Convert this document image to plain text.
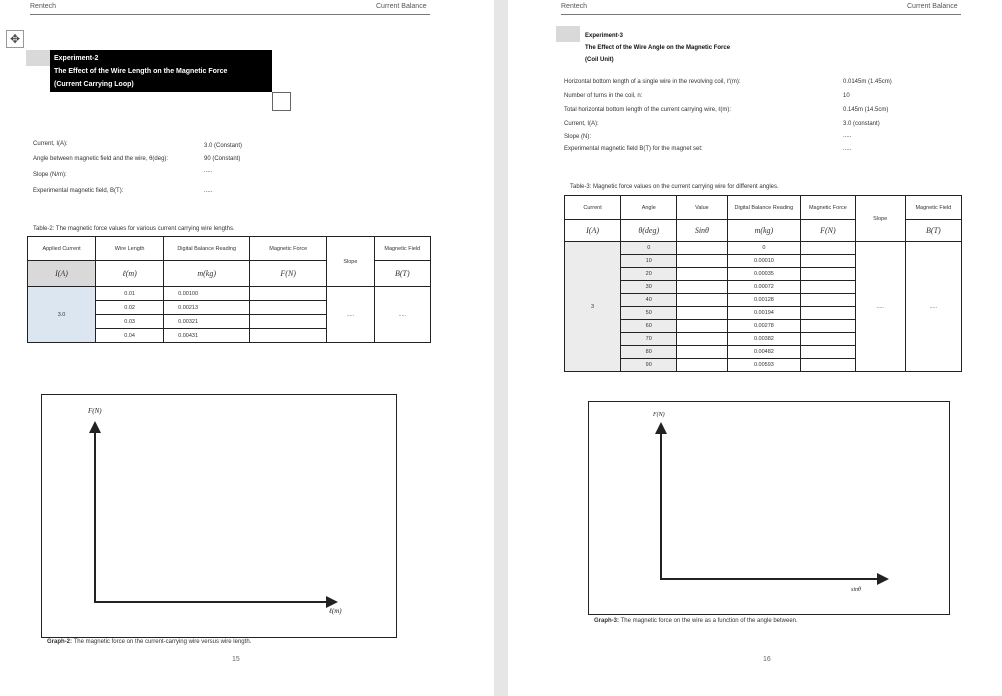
Rentech	Current Balance
✥
Experiment-2
The Effect of the Wire Length on the Magnetic Force
(Current Carrying Loop)
Current, I(A):	3.0 (Constant)
Angle between magnetic field and the wire, θ(deg):	90 (Constant)
Slope (N/m):
.....
Experimental magnetic field, B(T):	.....
Table-2: The magnetic force values for various current carrying wire lengths.
Applied Current	Wire Length	Digital Balance Reading	Magnetic Force	Slope	Magnetic Field
I(A)	ℓ(m)	m(kg)	F(N)		B(T)
3.0	0.01	0.00100		.....	.....
	0.02	0.00213			
	0.03	0.00321			
	0.04	0.00431			
F(N)
ℓ(m)
Graph-2: The magnetic force on the current-carrying wire versus wire length.
15
Rentech	Current Balance
Experiment-3
The Effect of the Wire Angle on the Magnetic Force
(Coil Unit)
Horizontal bottom length of a single wire in the revolving coil, ℓ'(m):	0.0145m (1.45cm)
Number of turns in the coil, n:	10
Total horizontal bottom length of the current carrying wire, ℓ(m):	0.145m (14.5cm)
Current, I(A):	3.0 (constant)
Slope (N):	.....
Experimental magnetic field B(T) for the magnet set:	.....
Table-3: Magnetic force values on the current carrying wire for different angles.
Current	Angle	Value	Digital Balance Reading	Magnetic Force	Slope	Magnetic Field
I(A)	θ(deg)	Sinθ	m(kg)	F(N)		B(T)
3	0		0		.....	.....
	10		0.00010			
	20		0.00035			
	30		0.00072			
	40		0.00128			
	50		0.00194			
	60		0.00278			
	70		0.00382			
	80		0.00482			
	90		0.00593			
F(N)
sinθ
Graph-3: The magnetic force on the wire as a function of the angle between.
16
